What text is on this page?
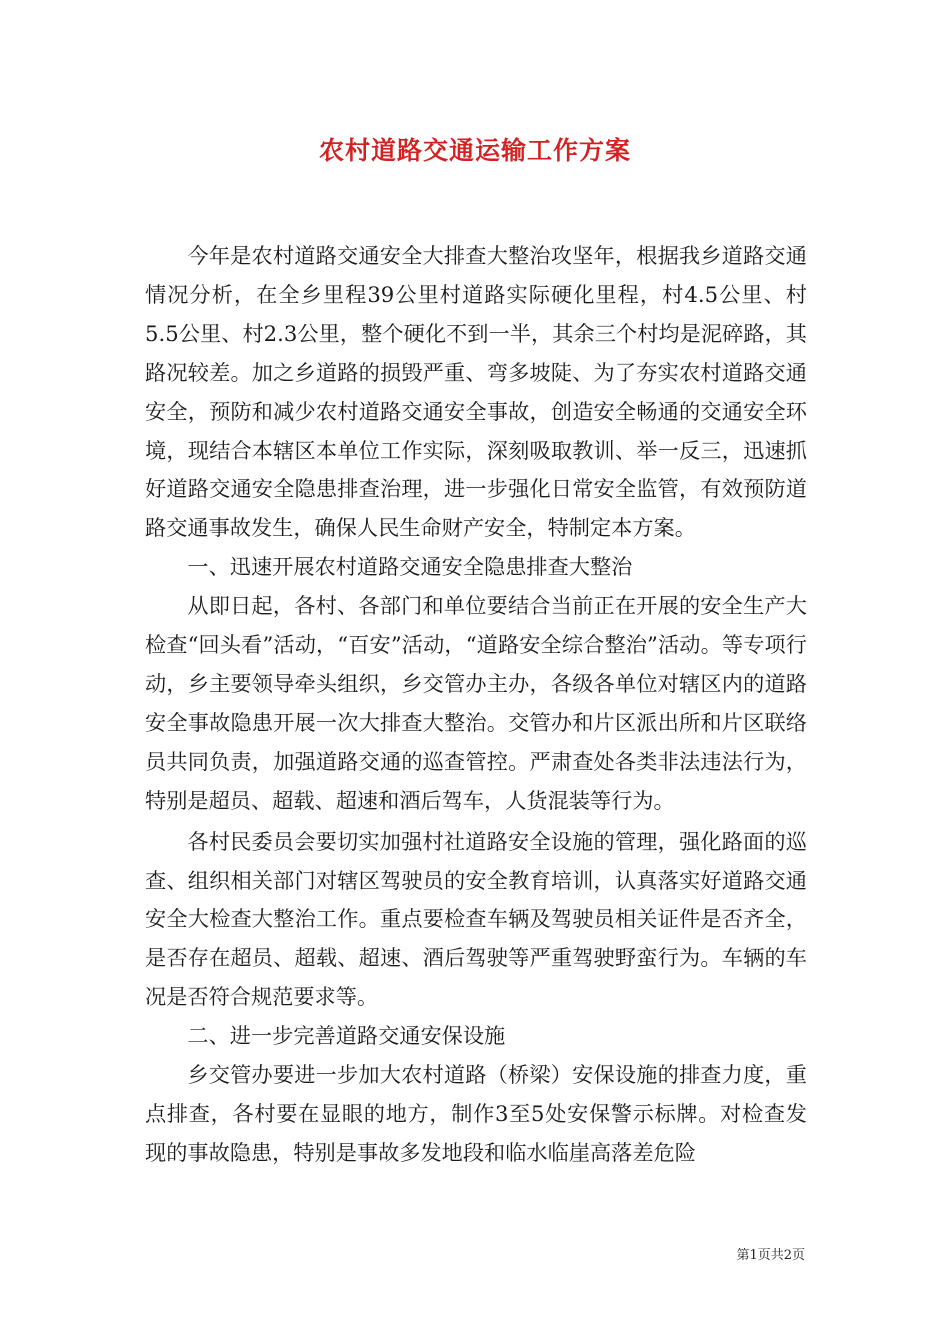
农村道路交通运输工作方案

今年是农村道路交通安全大排查大整治攻坚年，根据我乡道路交通情况分析，在全乡里程39公里村道路实际硬化里程，村4.5公里、村5.5公里、村2.3公里，整个硬化不到一半，其余三个村均是泥碎路，其路况较差。加之乡道路的损毁严重、弯多坡陡、为了夯实农村道路交通安全，预防和减少农村道路交通安全事故，创造安全畅通的交通安全环境，现结合本辖区本单位工作实际，深刻吸取教训、举一反三，迅速抓好道路交通安全隐患排查治理，进一步强化日常安全监管，有效预防道路交通事故发生，确保人民生命财产安全，特制定本方案。

一、迅速开展农村道路交通安全隐患排查大整治

从即日起，各村、各部门和单位要结合当前正在开展的安全生产大检查“回头看”活动，“百安”活动，“道路安全综合整治”活动。等专项行动，乡主要领导牵头组织，乡交管办主办，各级各单位对辖区内的道路安全事故隐患开展一次大排查大整治。交管办和片区派出所和片区联络员共同负责，加强道路交通的巡查管控。严肃查处各类非法违法行为，特别是超员、超载、超速和酒后驾车，人货混装等行为。

各村民委员会要切实加强村社道路安全设施的管理，强化路面的巡查、组织相关部门对辖区驾驶员的安全教育培训，认真落实好道路交通安全大检查大整治工作。重点要检查车辆及驾驶员相关证件是否齐全，是否存在超员、超载、超速、酒后驾驶等严重驾驶野蛮行为。车辆的车况是否符合规范要求等。

二、进一步完善道路交通安保设施

乡交管办要进一步加大农村道路（桥梁）安保设施的排查力度，重点排查，各村要在显眼的地方，制作3至5处安保警示标牌。对检查发现的事故隐患，特别是事故多发地段和临水临崖高落差危险

第1页共2页
